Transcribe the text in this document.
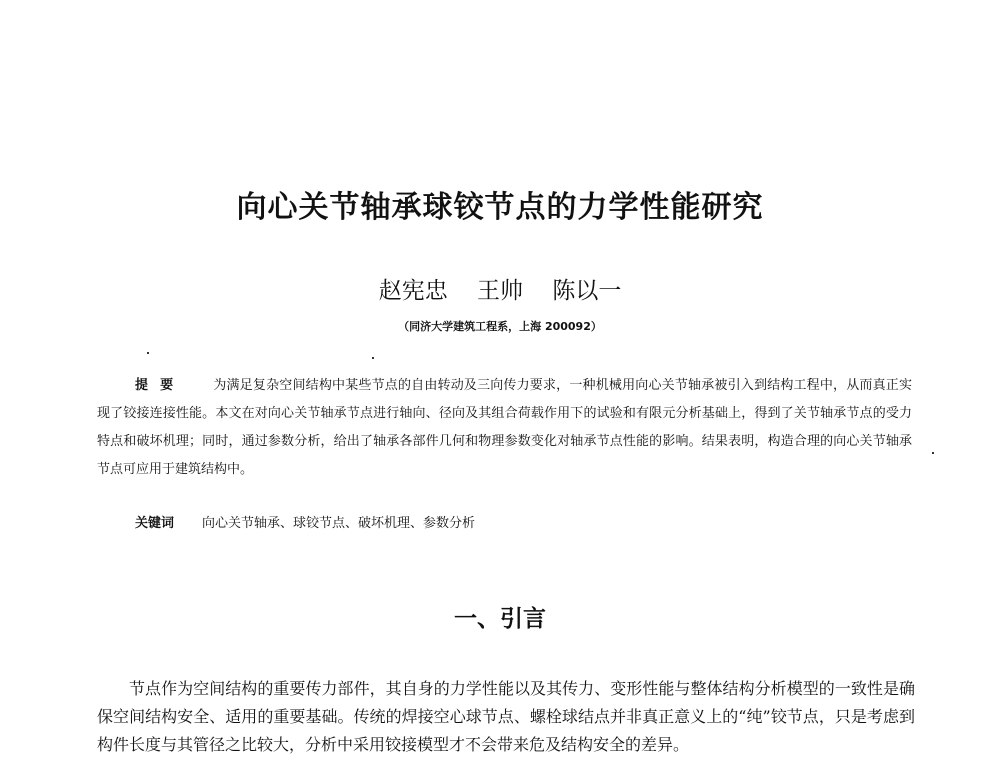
向心关节轴承球铰节点的力学性能研究
赵宪忠 王帅 陈以一
（同济大学建筑工程系，上海 200092）
提要 为满足复杂空间结构中某些节点的自由转动及三向传力要求，一种机械用向心关节轴承被引入到结构工程中，从而真正实现了铰接连接性能。本文在对向心关节轴承节点进行轴向、径向及其组合荷载作用下的试验和有限元分析基础上，得到了关节轴承节点的受力特点和破坏机理；同时，通过参数分析，给出了轴承各部件几何和物理参数变化对轴承节点性能的影响。结果表明，构造合理的向心关节轴承节点可应用于建筑结构中。
关键词 向心关节轴承、球铰节点、破坏机理、参数分析
一、引言

节点作为空间结构的重要传力部件，其自身的力学性能以及其传力、变形性能与整体结构分析模型的一致性是确保空间结构安全、适用的重要基础。传统的焊接空心球节点、螺栓球结点并非真正意义上的“纯”铰节点，只是考虑到构件长度与其管径之比较大，分析中采用铰接模型才不会带来危及结构安全的差异。
